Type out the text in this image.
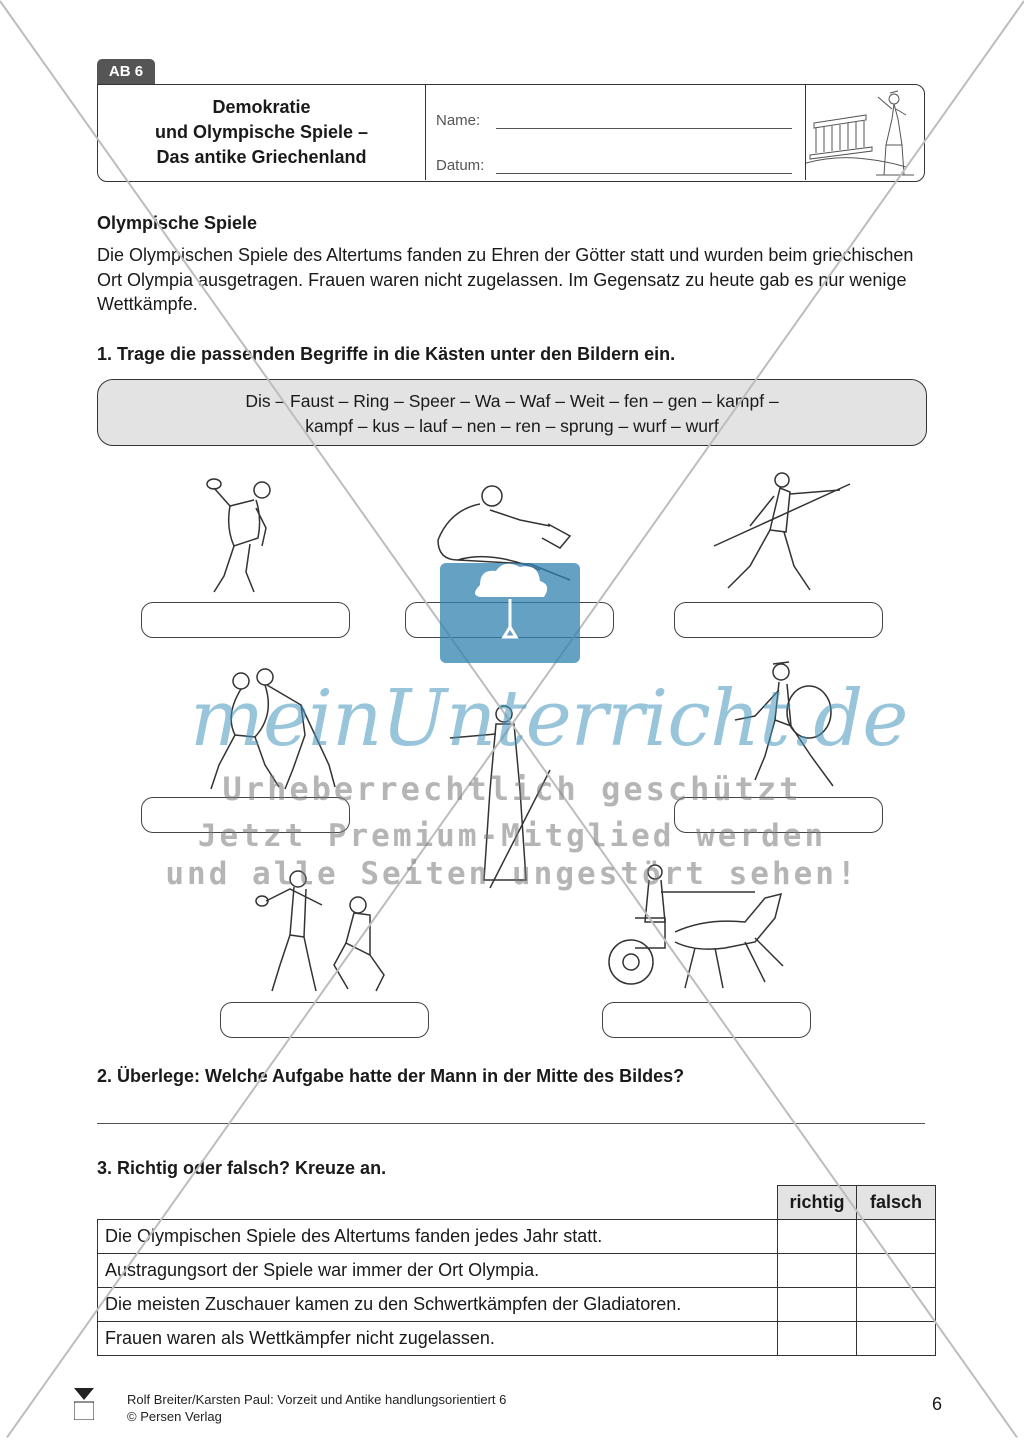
AB 6
Demokratie
und Olympische Spiele –
Das antike Griechenland
Name:
Datum:
Olympische Spiele
Die Olympischen Spiele des Altertums fanden zu Ehren der Götter statt und wurden beim griechischen Ort Olympia ausgetragen. Frauen waren nicht zugelassen. Im Gegensatz zu heute gab es nur wenige Wettkämpfe.
1. Trage die passenden Begriffe in die Kästen unter den Bildern ein.
Dis – Faust – Ring – Speer – Wa – Waf – Weit – fen – gen – kampf –
kampf – kus – lauf – nen – ren – sprung – wurf – wurf
2. Überlege: Welche Aufgabe hatte der Mann in der Mitte des Bildes?
3. Richtig oder falsch? Kreuze an.
	richtig	falsch
Die Olympischen Spiele des Altertums fanden jedes Jahr statt.		
Austragungsort der Spiele war immer der Ort Olympia.		
Die meisten Zuschauer kamen zu den Schwertkämpfen der Gladiatoren.		
Frauen waren als Wettkämpfer nicht zugelassen.		
Rolf Breiter/Karsten Paul: Vorzeit und Antike handlungsorientiert 6
© Persen Verlag
6
meinUnterricht.de
Urheberrechtlich geschützt
Jetzt Premium-Mitglied werden
und alle Seiten ungestört sehen!
